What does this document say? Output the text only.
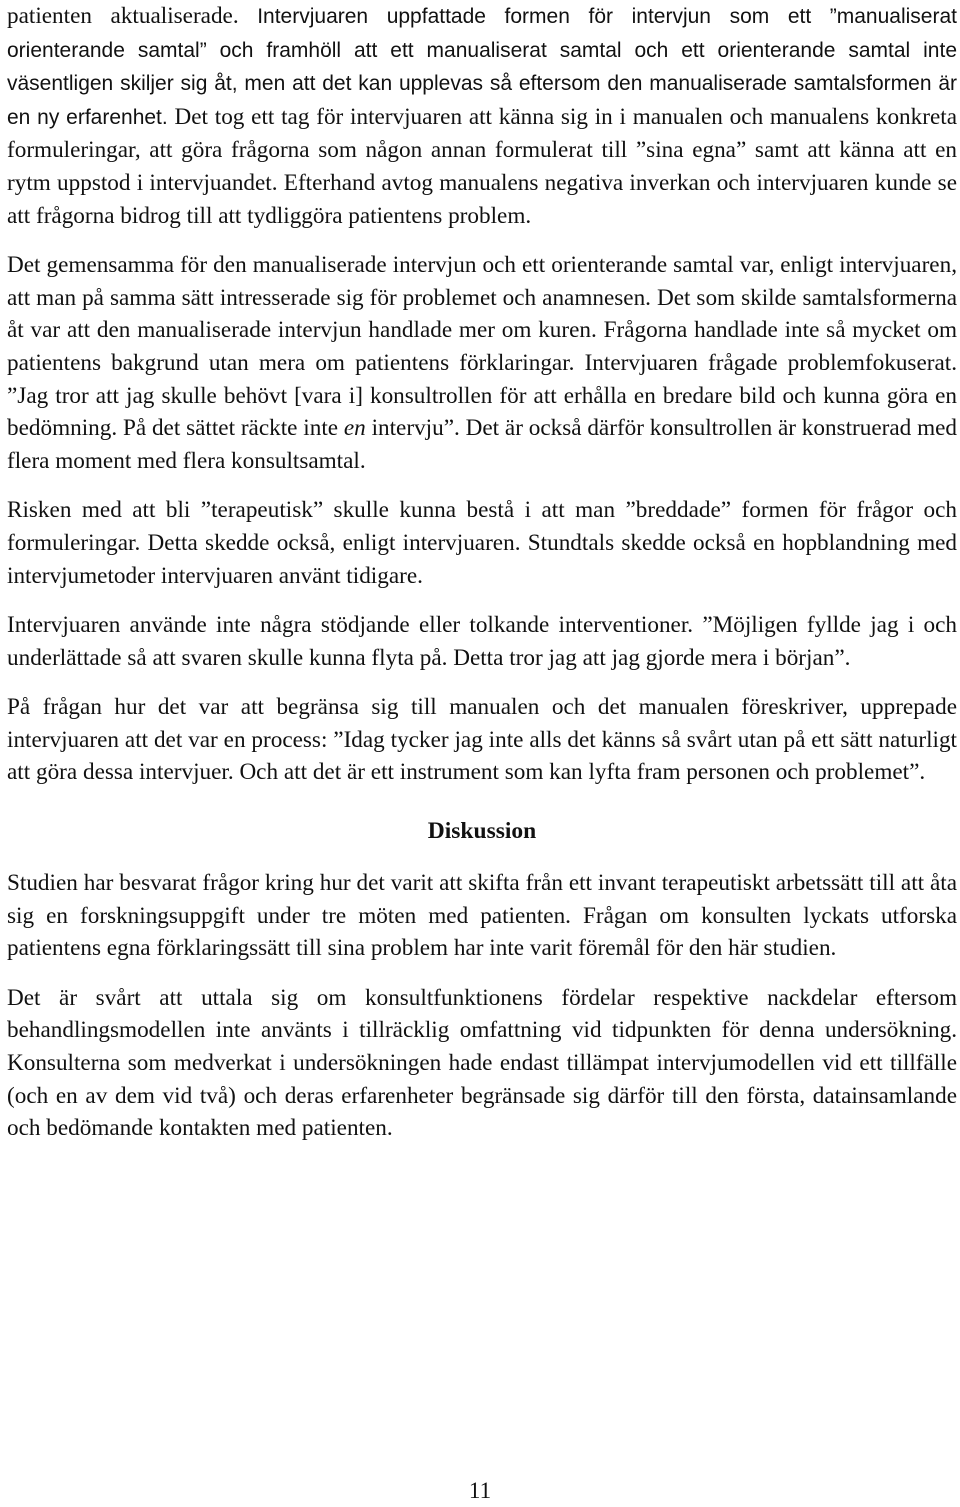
patienten aktualiserade. Intervjuaren uppfattade formen för intervjun som ett ”manualiserat orienterande samtal” och framhöll att ett manualiserat samtal och ett orienterande samtal inte väsentligen skiljer sig åt, men att det kan upplevas så eftersom den manualiserade samtalsformen är en ny erfarenhet. Det tog ett tag för intervjuaren att känna sig in i manualen och manualens konkreta formuleringar, att göra frågorna som någon annan formulerat till ”sina egna” samt att känna att en rytm uppstod i intervjuandet. Efterhand avtog manualens negativa inverkan och intervjuaren kunde se att frågorna bidrog till att tydliggöra patientens problem.

Det gemensamma för den manualiserade intervjun och ett orienterande samtal var, enligt intervjuaren, att man på samma sätt intresserade sig för problemet och anamnesen. Det som skilde samtalsformerna åt var att den manualiserade intervjun handlade mer om kuren. Frågorna handlade inte så mycket om patientens bakgrund utan mera om patientens förklaringar. Intervjuaren frågade problemfokuserat. ”Jag tror att jag skulle behövt [vara i] konsultrollen för att erhålla en bredare bild och kunna göra en bedömning. På det sättet räckte inte en intervju”. Det är också därför konsultrollen är konstruerad med flera moment med flera konsultsamtal.

Risken med att bli ”terapeutisk” skulle kunna bestå i att man ”breddade” formen för frågor och formuleringar. Detta skedde också, enligt intervjuaren. Stundtals skedde också en hopblandning med intervjumetoder intervjuaren använt tidigare.

Intervjuaren använde inte några stödjande eller tolkande interventioner. ”Möjligen fyllde jag i och underlättade så att svaren skulle kunna flyta på. Detta tror jag att jag gjorde mera i början”.

På frågan hur det var att begränsa sig till manualen och det manualen föreskriver, upprepade intervjuaren att det var en process: ”Idag tycker jag inte alls det känns så svårt utan på ett sätt naturligt att göra dessa intervjuer. Och att det är ett instrument som kan lyfta fram personen och problemet”.

Diskussion

Studien har besvarat frågor kring hur det varit att skifta från ett invant terapeutiskt arbetssätt till att åta sig en forskningsuppgift under tre möten med patienten. Frågan om konsulten lyckats utforska patientens egna förklaringssätt till sina problem har inte varit föremål för den här studien.

Det är svårt att uttala sig om konsultfunktionens fördelar respektive nackdelar eftersom behandlingsmodellen inte använts i tillräcklig omfattning vid tidpunkten för denna undersökning. Konsulterna som medverkat i undersökningen hade endast tillämpat intervjumodellen vid ett tillfälle (och en av dem vid två) och deras erfarenheter begränsade sig därför till den första, datainsamlande och bedömande kontakten med patienten.

11
